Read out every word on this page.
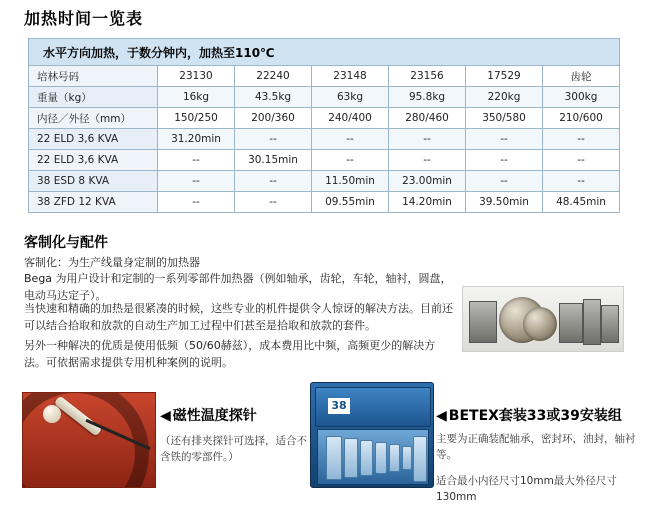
加热时间一览表
水平方向加热，于数分钟内，加热至110℃						
培林号码	23130	22240	23148	23156	17529	齿轮
重量（kg）	16kg	43.5kg	63kg	95.8kg	220kg	300kg
内径／外径（mm）	150/250	200/360	240/400	280/460	350/580	210/600
22 ELD 3,6 KVA	31.20min	--	--	--	--	--
22 ELD 3,6 KVA	--	30.15min	--	--	--	--
38 ESD 8 KVA	--	--	11.50min	23.00min	--	--
38 ZFD 12 KVA	--	--	09.55min	14.20min	39.50min	48.45min
客制化与配件
客制化：为生产线量身定制的加热器
Bega 为用户设计和定制的一系列零部件加热器（例如轴承，齿轮，车轮，轴衬，圆盘，电动马达定子）。
当快速和精确的加热是很紧凑的时候，这些专业的机件提供令人惊讶的解决方法。目前还可以结合拾取和放款的自动生产加工过程中们甚至是拾取和放款的套件。
另外一种解决的优质是使用低频（50/60赫兹），成本费用比中频，高频更少的解决方法。可依据需求提供专用机种案例的说明。
◀ 磁性温度探针
（还有排夹探针可选择，适合不含铁的零部件。）
38
◀ BETEX套装33或39安装组
主要为正确装配轴承，密封环，油封，轴衬等。
适合最小内径尺寸10mm最大外径尺寸130mm
